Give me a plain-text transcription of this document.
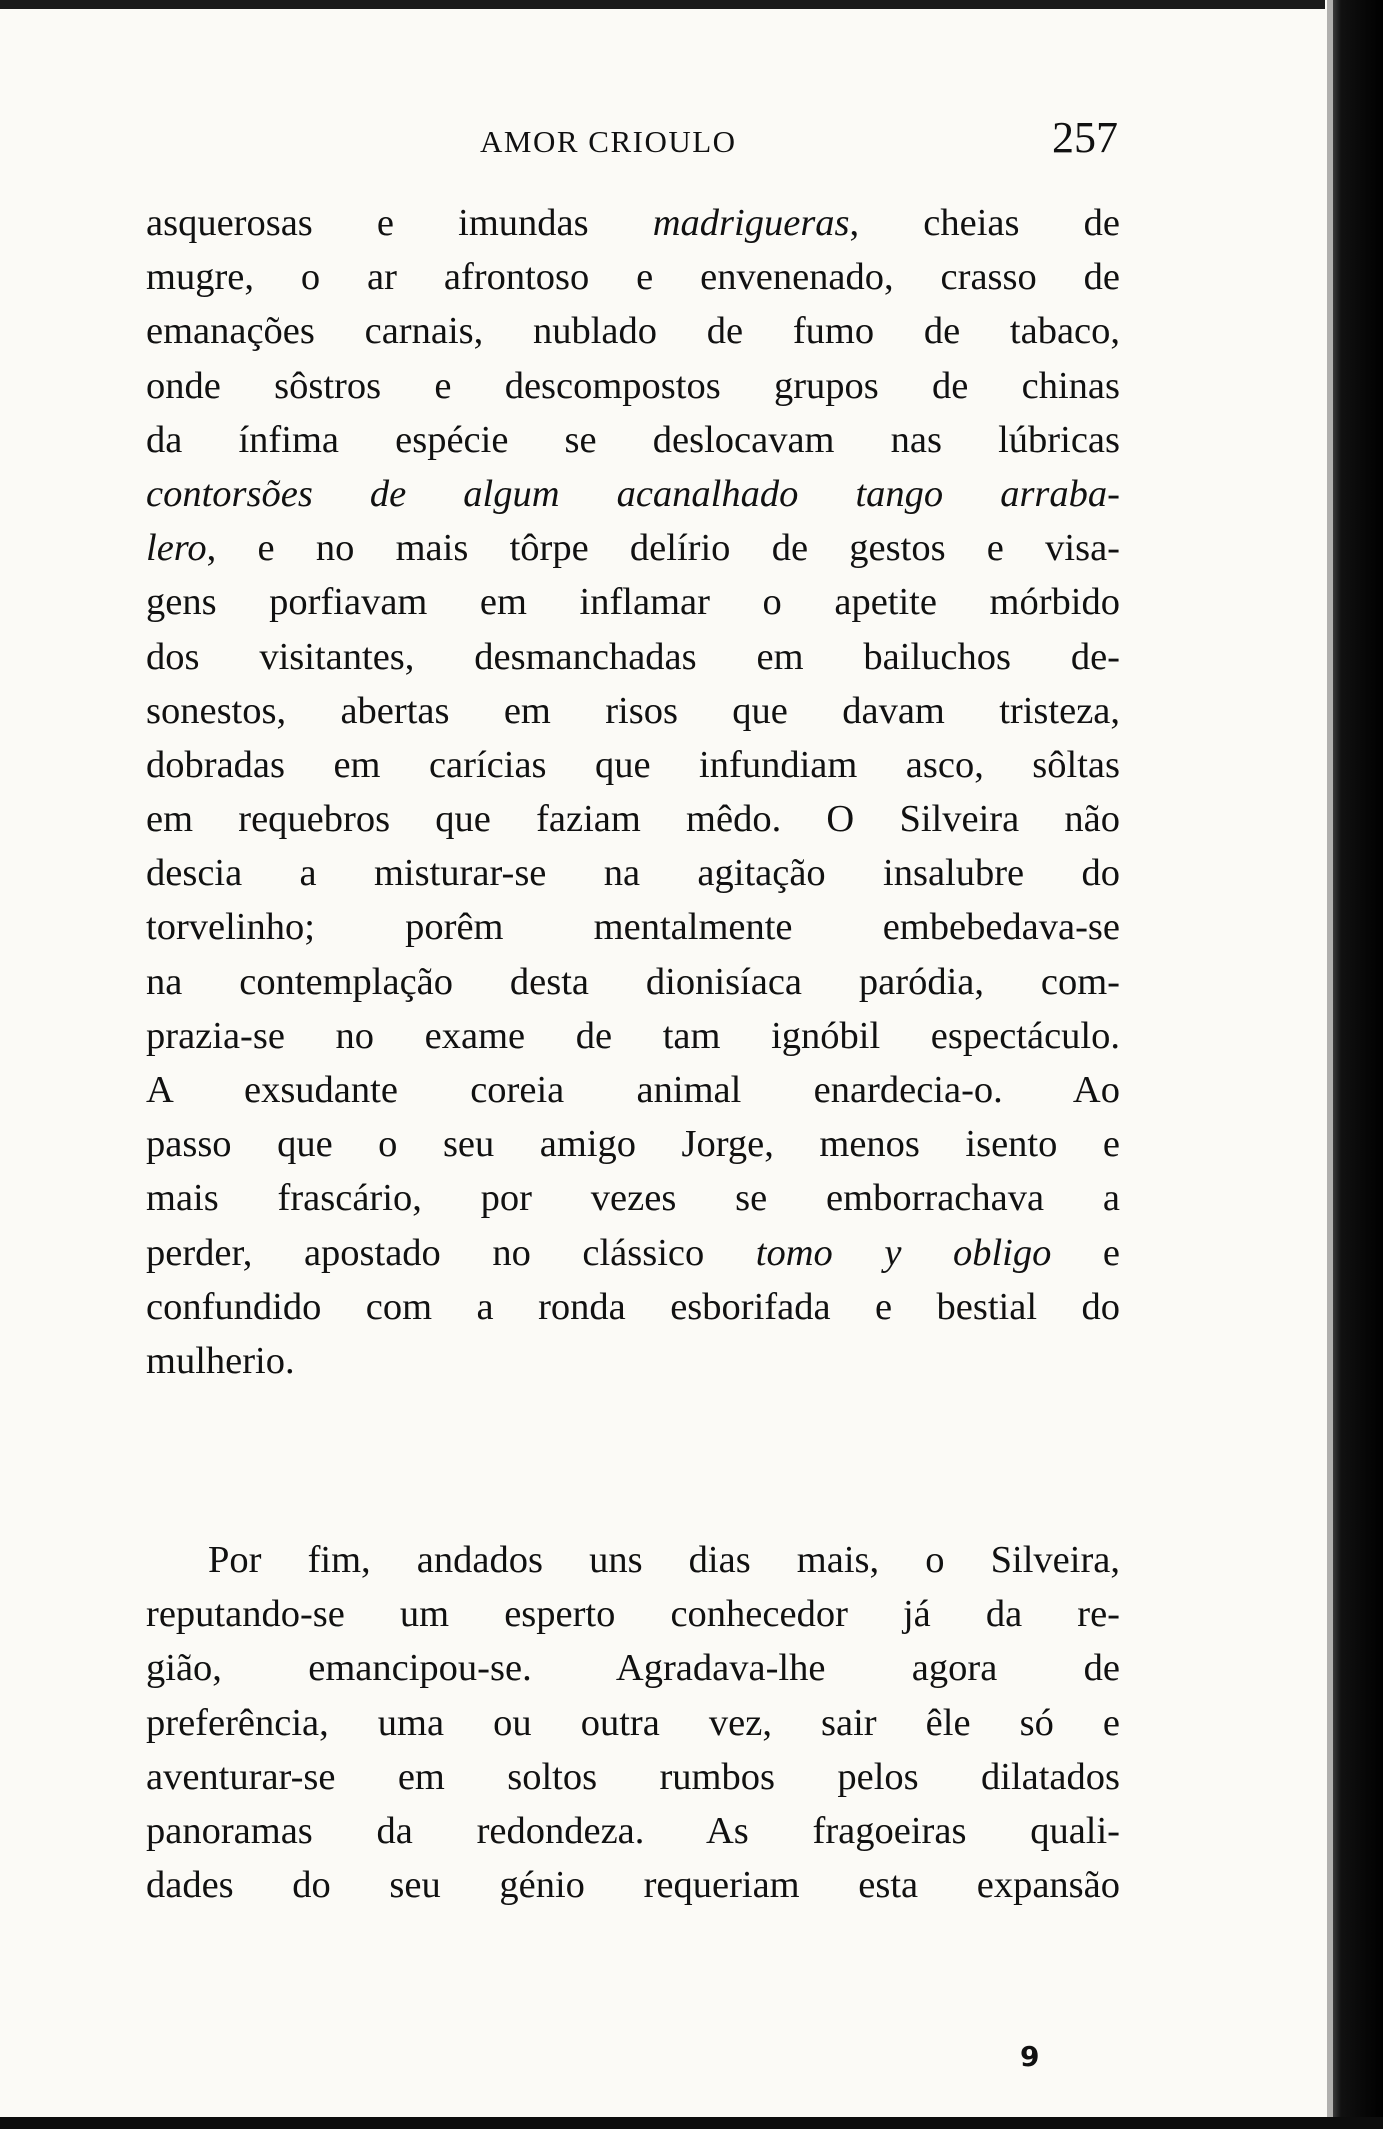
AMOR CRIOULO	257
asquerosas e imundas madrigueras, cheias de
mugre, o ar afrontoso e envenenado, crasso de
emanações carnais, nublado de fumo de tabaco,
onde sôstros e descompostos grupos de chinas
da ínfima espécie se deslocavam nas lúbricas
contorsões de algum acanalhado tango arraba-
lero, e no mais tôrpe delírio de gestos e visa-
gens porfiavam em inflamar o apetite mórbido
dos visitantes, desmanchadas em bailuchos de-
sonestos, abertas em risos que davam tristeza,
dobradas em carícias que infundiam asco, sôltas
em requebros que faziam mêdo. O Silveira não
descia a misturar-se na agitação insalubre do
torvelinho; porêm mentalmente embebedava-se
na contemplação desta dionisíaca paródia, com-
prazia-se no exame de tam ignóbil espectáculo.
A exsudante coreia animal enardecia-o. Ao
passo que o seu amigo Jorge, menos isento e
mais frascário, por vezes se emborrachava a
perder, apostado no clássico tomo y obligo e
confundido com a ronda esborifada e bestial do
mulherio.
Por fim, andados uns dias mais, o Silveira,
reputando-se um esperto conhecedor já da re-
gião, emancipou-se. Agradava-lhe agora de
preferência, uma ou outra vez, sair êle só e
aventurar-se em soltos rumbos pelos dilatados
panoramas da redondeza. As fragoeiras quali-
dades do seu génio requeriam esta expansão
9
